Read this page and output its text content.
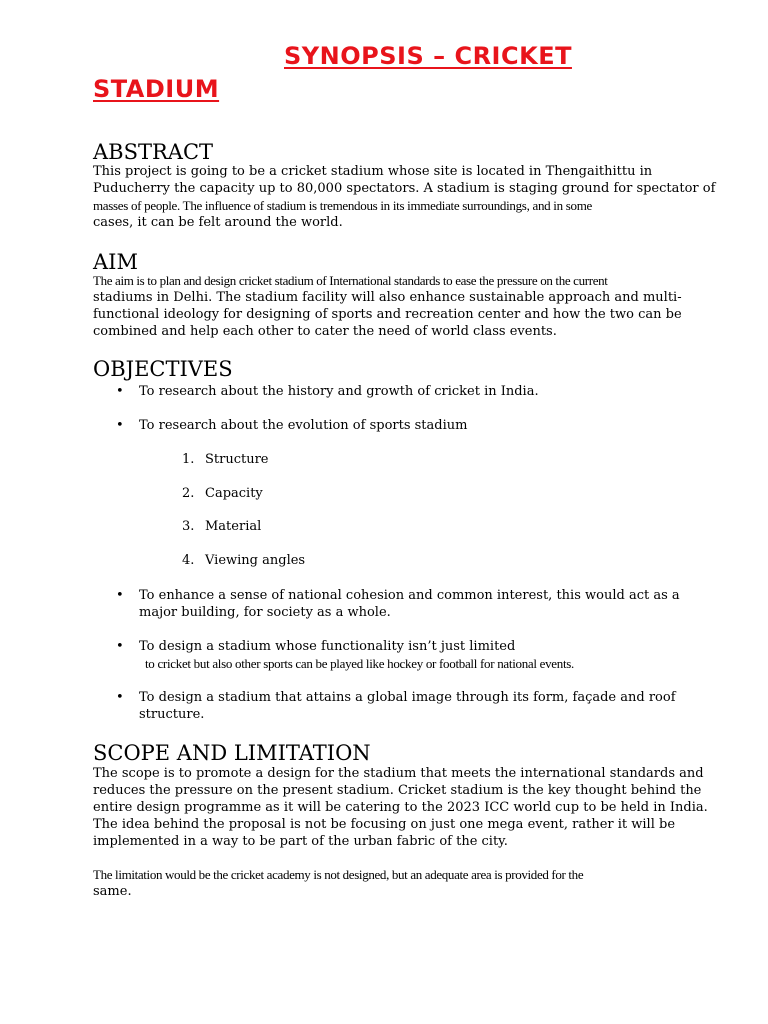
SYNOPSIS – CRICKET
STADIUM
ABSTRACT
This project is going to be a cricket stadium whose site is located in Thengaithittu in
Puducherry the capacity up to 80,000 spectators. A stadium is staging ground for spectator of
masses of people. The influence of stadium is tremendous in its immediate surroundings, and in some
cases, it can be felt around the world.
AIM
The aim is to plan and design cricket stadium of International standards to ease the pressure on the current
stadiums in Delhi. The stadium facility will also enhance sustainable approach and multi-
functional ideology for designing of sports and recreation center and how the two can be
combined and help each other to cater the need of world class events.
OBJECTIVES
• To research about the history and growth of cricket in India.
• To research about the evolution of sports stadium
1. Structure
2. Capacity
3. Material
4. Viewing angles
• To enhance a sense of national cohesion and common interest, this would act as a
major building, for society as a whole.
• To design a stadium whose functionality isn’t just limited
to cricket but also other sports can be played like hockey or football for national events.
• To design a stadium that attains a global image through its form, façade and roof
structure.
SCOPE AND LIMITATION
The scope is to promote a design for the stadium that meets the international standards and
reduces the pressure on the present stadium. Cricket stadium is the key thought behind the
entire design programme as it will be catering to the 2023 ICC world cup to be held in India.
The idea behind the proposal is not be focusing on just one mega event, rather it will be
implemented in a way to be part of the urban fabric of the city.
The limitation would be the cricket academy is not designed, but an adequate area is provided for the
same.
